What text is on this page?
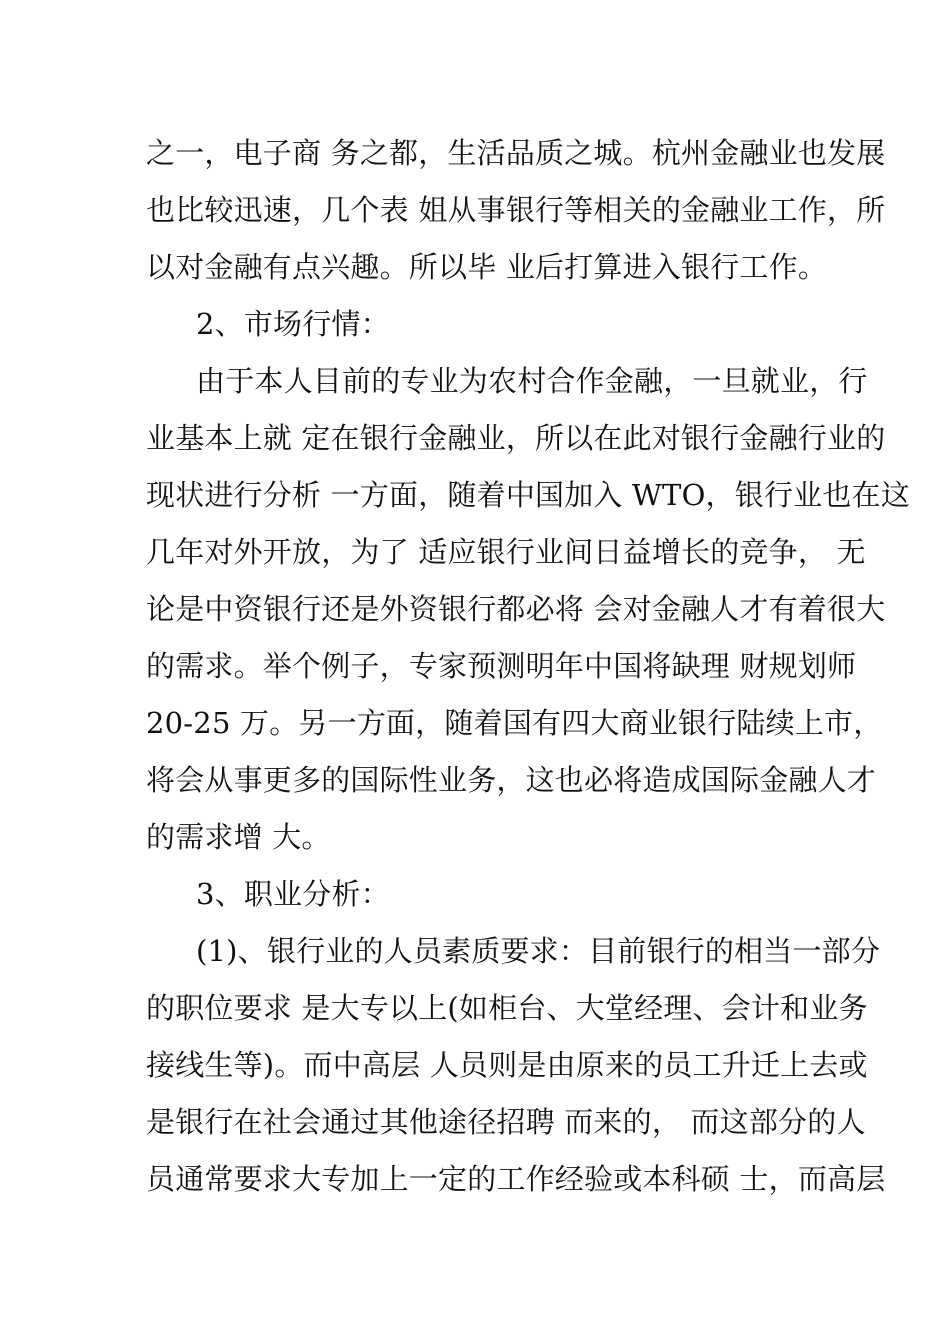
之一，电子商 务之都，生活品质之城。杭州金融业也发展
也比较迅速，几个表 姐从事银行等相关的金融业工作，所
以对金融有点兴趣。所以毕 业后打算进入银行工作。
2、市场行情：
由于本人目前的专业为农村合作金融，一旦就业，行
业基本上就 定在银行金融业，所以在此对银行金融行业的
现状进行分析 一方面，随着中国加入 WTO，银行业也在这
几年对外开放，为了 适应银行业间日益增长的竞争， 无
论是中资银行还是外资银行都必将 会对金融人才有着很大
的需求。举个例子，专家预测明年中国将缺理 财规划师
20-25 万。另一方面，随着国有四大商业银行陆续上市，
将会从事更多的国际性业务，这也必将造成国际金融人才
的需求增 大。
3、职业分析：
(1)、银行业的人员素质要求：目前银行的相当一部分
的职位要求 是大专以上(如柜台、大堂经理、会计和业务
接线生等)。而中高层 人员则是由原来的员工升迁上去或
是银行在社会通过其他途径招聘 而来的， 而这部分的人
员通常要求大专加上一定的工作经验或本科硕 士，而高层
